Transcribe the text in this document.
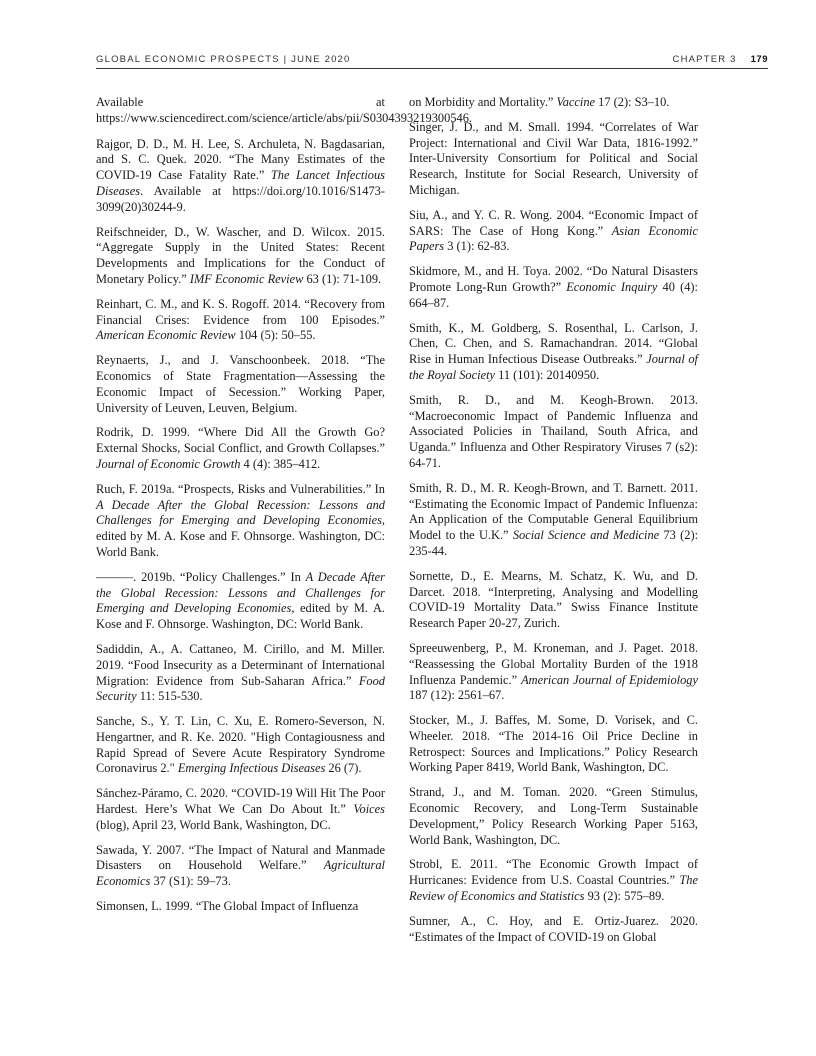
GLOBAL ECONOMIC PROSPECTS | JUNE 2020	CHAPTER 3 179

Available at https://www.sciencedirect.com/science/article/abs/pii/S0304393219300546.

Rajgor, D. D., M. H. Lee, S. Archuleta, N. Bagdasarian, and S. C. Quek. 2020. “The Many Estimates of the COVID-19 Case Fatality Rate.” The Lancet Infectious Diseases. Available at https://doi.org/10.1016/S1473-3099(20)30244-9.

Reifschneider, D., W. Wascher, and D. Wilcox. 2015. “Aggregate Supply in the United States: Recent Developments and Implications for the Conduct of Monetary Policy.” IMF Economic Review 63 (1): 71-109.

Reinhart, C. M., and K. S. Rogoff. 2014. “Recovery from Financial Crises: Evidence from 100 Episodes.” American Economic Review 104 (5): 50–55.

Reynaerts, J., and J. Vanschoonbeek. 2018. “The Economics of State Fragmentation—Assessing the Economic Impact of Secession.” Working Paper, University of Leuven, Leuven, Belgium.

Rodrik, D. 1999. “Where Did All the Growth Go? External Shocks, Social Conflict, and Growth Collapses.” Journal of Economic Growth 4 (4): 385–412.

Ruch, F. 2019a. “Prospects, Risks and Vulnerabilities.” In A Decade After the Global Recession: Lessons and Challenges for Emerging and Developing Economies, edited by M. A. Kose and F. Ohnsorge. Washington, DC: World Bank.

———. 2019b. “Policy Challenges.” In A Decade After the Global Recession: Lessons and Challenges for Emerging and Developing Economies, edited by M. A. Kose and F. Ohnsorge. Washington, DC: World Bank.

Sadiddin, A., A. Cattaneo, M. Cirillo, and M. Miller. 2019. “Food Insecurity as a Determinant of International Migration: Evidence from Sub-Saharan Africa.” Food Security 11: 515-530.

Sanche, S., Y. T. Lin, C. Xu, E. Romero-Severson, N. Hengartner, and R. Ke. 2020. "High Contagiousness and Rapid Spread of Severe Acute Respiratory Syndrome Coronavirus 2." Emerging Infectious Diseases 26 (7).

Sánchez-Páramo, C. 2020. “COVID-19 Will Hit The Poor Hardest. Here’s What We Can Do About It.” Voices (blog), April 23, World Bank, Washington, DC.

Sawada, Y. 2007. “The Impact of Natural and Manmade Disasters on Household Welfare.” Agricultural Economics 37 (S1): 59–73.

Simonsen, L. 1999. “The Global Impact of Influenza

on Morbidity and Mortality.” Vaccine 17 (2): S3–10.

Singer, J. D., and M. Small. 1994. “Correlates of War Project: International and Civil War Data, 1816-1992.” Inter-University Consortium for Political and Social Research, Institute for Social Research, University of Michigan.

Siu, A., and Y. C. R. Wong. 2004. “Economic Impact of SARS: The Case of Hong Kong.” Asian Economic Papers 3 (1): 62-83.

Skidmore, M., and H. Toya. 2002. “Do Natural Disasters Promote Long-Run Growth?” Economic Inquiry 40 (4): 664–87.

Smith, K., M. Goldberg, S. Rosenthal, L. Carlson, J. Chen, C. Chen, and S. Ramachandran. 2014. “Global Rise in Human Infectious Disease Outbreaks.” Journal of the Royal Society 11 (101): 20140950.

Smith, R. D., and M. Keogh-Brown. 2013. “Macroeconomic Impact of Pandemic Influenza and Associated Policies in Thailand, South Africa, and Uganda.” Influenza and Other Respiratory Viruses 7 (s2): 64-71.

Smith, R. D., M. R. Keogh-Brown, and T. Barnett. 2011. “Estimating the Economic Impact of Pandemic Influenza: An Application of the Computable General Equilibrium Model to the U.K.” Social Science and Medicine 73 (2): 235-44.

Sornette, D., E. Mearns, M. Schatz, K. Wu, and D. Darcet. 2018. “Interpreting, Analysing and Modelling COVID-19 Mortality Data.” Swiss Finance Institute Research Paper 20-27, Zurich.

Spreeuwenberg, P., M. Kroneman, and J. Paget. 2018. “Reassessing the Global Mortality Burden of the 1918 Influenza Pandemic.” American Journal of Epidemiology 187 (12): 2561–67.

Stocker, M., J. Baffes, M. Some, D. Vorisek, and C. Wheeler. 2018. “The 2014-16 Oil Price Decline in Retrospect: Sources and Implications.” Policy Research Working Paper 8419, World Bank, Washington, DC.

Strand, J., and M. Toman. 2020. “Green Stimulus, Economic Recovery, and Long-Term Sustainable Development,” Policy Research Working Paper 5163, World Bank, Washington, DC.

Strobl, E. 2011. “The Economic Growth Impact of Hurricanes: Evidence from U.S. Coastal Countries.” The Review of Economics and Statistics 93 (2): 575–89.

Sumner, A., C. Hoy, and E. Ortiz-Juarez. 2020. “Estimates of the Impact of COVID-19 on Global
